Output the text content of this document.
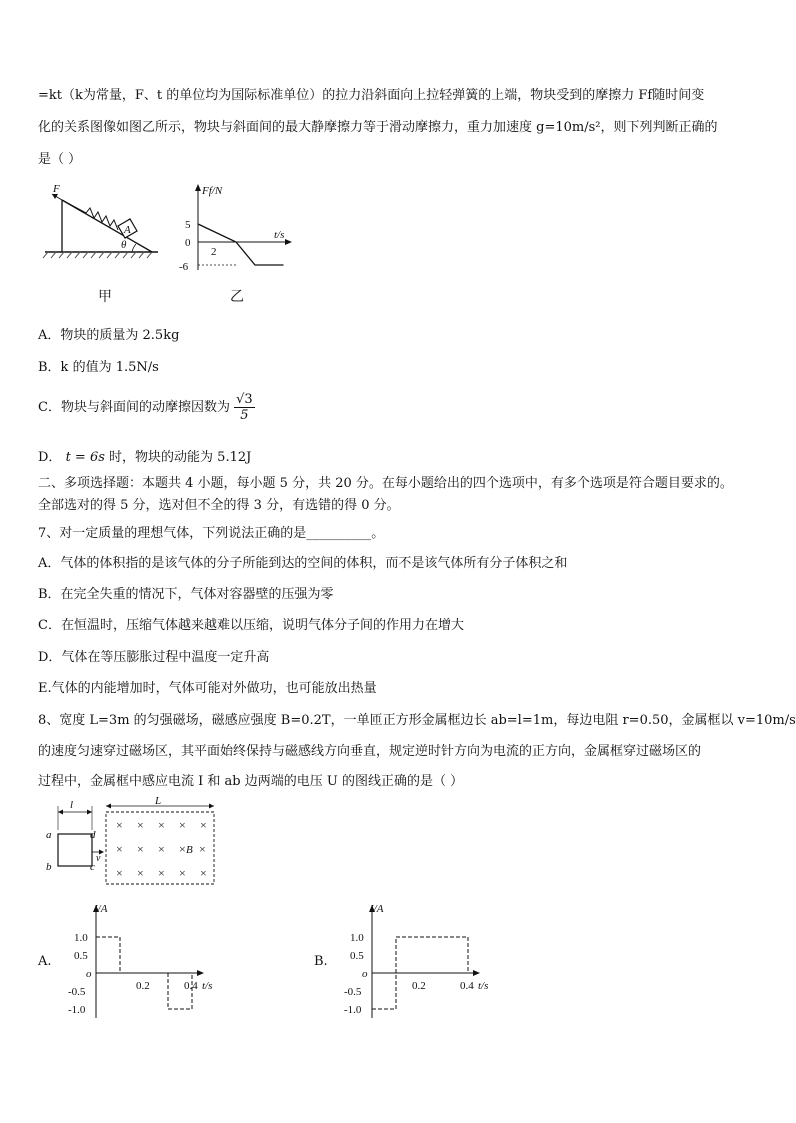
=kt（k为常量，F、t 的单位均为国际标准单位）的拉力沿斜面向上拉轻弹簧的上端，物块受到的摩擦力 Ff随时间变
化的关系图像如图乙所示，物块与斜面间的最大静摩擦力等于滑动摩擦力，重力加速度 g=10m/s²，则下列判断正确的
是（ ）
A
F
θ
甲
Ff/N
t/s
5
0
-6
2
乙
A．物块的质量为 2.5kg
B．k 的值为 1.5N/s
C．物块与斜面间的动摩擦因数为 $\frac{√3}{5}$
D． t = 6s 时，物块的动能为 5.12J
二、多项选择题：本题共 4 小题，每小题 5 分，共 20 分。在每小题给出的四个选项中，有多个选项是符合题目要求的。
全部选对的得 5 分，选对但不全的得 3 分，有选错的得 0 分。
7、对一定质量的理想气体，下列说法正确的是__________。
A．气体的体积指的是该气体的分子所能到达的空间的体积，而不是该气体所有分子体积之和
B．在完全失重的情况下，气体对容器壁的压强为零
C．在恒温时，压缩气体越来越难以压缩，说明气体分子间的作用力在增大
D．气体在等压膨胀过程中温度一定升高
E.气体的内能增加时，气体可能对外做功，也可能放出热量
8、宽度 L=3m 的匀强磁场，磁感应强度 B=0.2T，一单匝正方形金属框边长 ab=l=1m，每边电阻 r=0.50，金属框以 v=10m/s
的速度匀速穿过磁场区，其平面始终保持与磁感线方向垂直，规定逆时针方向为电流的正方向，金属框穿过磁场区的
过程中，金属框中感应电流 I 和 ab 边两端的电压 U 的图线正确的是（ ）
l
a
b	c
d
v
L
× × × × ×
× × × ×
× × × × ×
×
B
A.
I/A
t/s
1.0
0.5
o
-0.5
-1.0
0.2	0.4
B.
I/A
t/s
1.0
0.5
o
-0.5
-1.0
0.2	0.4
